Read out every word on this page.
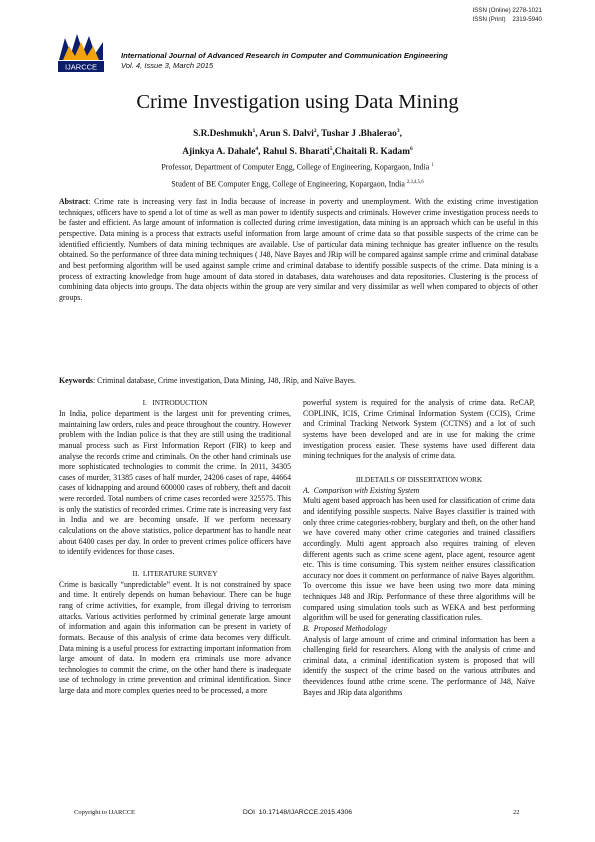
ISSN (Online) 2278-1021
ISSN (Print)    2319-5940
IJARCCE
International Journal of Advanced Research in Computer and Communication Engineering
Vol. 4, Issue 3, March 2015
Crime Investigation using Data Mining
S.R.Deshmukh$^1$, Arun S. Dalvi$^2$, Tushar J .Bhalerao$^3$,
Ajinkya A. Dahale$^4$, Rahul S. Bharati$^5$,Chaitali R. Kadam$^6$
Professor, Department of Computer Engg, College of Engineering, Kopargaon, India $^1$
Student of BE Computer Engg, College of Engineering, Kopargaon, India $^{2,3,4,5,6}$
Abstract: Crime rate is increasing very fast in India because of increase in poverty and unemployment. With the existing crime investigation techniques, officers have to spend a lot of time as well as man power to identify suspects and criminals. However crime investigation process needs to be faster and efficient. As large amount of information is collected during crime investigation, data mining is an approach which can be useful in this perspective. Data mining is a process that extracts useful information from large amount of crime data so that possible suspects of the crime can be identified efficiently. Numbers of data mining techniques are available. Use of particular data mining technique has greater influence on the results obtained. So the performance of three data mining techniques ( J48, Nave Bayes and JRip will be compared against sample crime and criminal database and best performing algorithm will be used against sample crime and criminal database to identify possible suspects of the crime. Data mining is a process of extracting knowledge from huge amount of data stored in databases, data warehouses and data repositories. Clustering is the process of combining data objects into groups. The data objects within the group are very similar and very dissimilar as well when compared to objects of other groups.
Keywords: Criminal database, Crime investigation, Data Mining, J48, JRip, and Naïve Bayes.
I.   INTRODUCTION

In India, police department is the largest unit for preventing crimes, maintaining law orders, rules and peace throughout the country. However problem with the Indian police is that they are still using the traditional manual process such as First Information Report (FIR) to keep and analyse the records crime and criminals. On the other hand criminals use more sophisticated technologies to commit the crime. In 2011, 34305 cases of murder, 31385 cases of half murder, 24206 cases of rape, 44664 cases of kidnapping and around 600000 cases of robbery, theft and dacoit were recorded. Total numbers of crime cases recorded were 325575. This is only the statistics of recorded crimes. Crime rate is increasing very fast in India and we are becoming unsafe. If we perform necessary calculations on the above statistics, police department has to handle near about 6400 cases per day. In order to prevent crimes police officers have to identify evidences for those cases.

II.  LITERATURE SURVEY

Crime is basically “unpredictable” event. It is not constrained by space and time. It entirely depends on human behaviour. There can be huge rang of crime activities, for example, from illegal driving to terrorism attacks. Various activities performed by criminal generate large amount of information and again this information can be present in variety of formats. Because of this analysis of crime data becomes very difficult. Data mining is a useful process for extracting important information from large amount of data. In modern era criminals use more advance technologies to commit the crime, on the other hand there is inadequate use of technology in crime prevention and criminal identification. Since large data and more complex queries need to be processed, a more

powerful system is required for the analysis of crime data. ReCAP, COPLINK, ICIS, Crime Criminal Information System (CCIS), Crime and Criminal Tracking Network System (CCTNS) and a lot of such systems have been developed and are in use for making the crime investigation process easier. These systems have used different data mining techniques for the analysis of crime data.

III.DETAILS OF DISSERTATION WORK

A.  Comparison with Existing System

Multi agent based approach has been used for classification of crime data and identifying possible suspects. Naïve Bayes classifier is trained with only three crime categories-robbery, burglary and theft, on the other hand we have covered many other crime categories and trained classifiers accordingly. Multi agent approach also requires training of eleven different agents such as crime scene agent, place agent, resource agent etc. This is time consuming. This system neither ensures classification accuracy nor does it comment on performance of naïve Bayes algorithm. To overcome this issue we have been using two more data mining techniques J48 and JRip. Performance of these three algorithms will be compared using simulation tools such as WEKA and best performing algorithm will be used for generating classification rules.

B.  Proposed Methodology

Analysis of large amount of crime and criminal information has been a challenging field for researchers. Along with the analysis of crime and criminal data, a criminal identification system is proposed that will identify the suspect of the crime based on the various attributes and theevidences found atthe crime scene. The performance of J48, Naïve Bayes and JRip data algorithms

Copyright to IJARCCE	DOI  10.17148/IJARCCE.2015.4306	22
